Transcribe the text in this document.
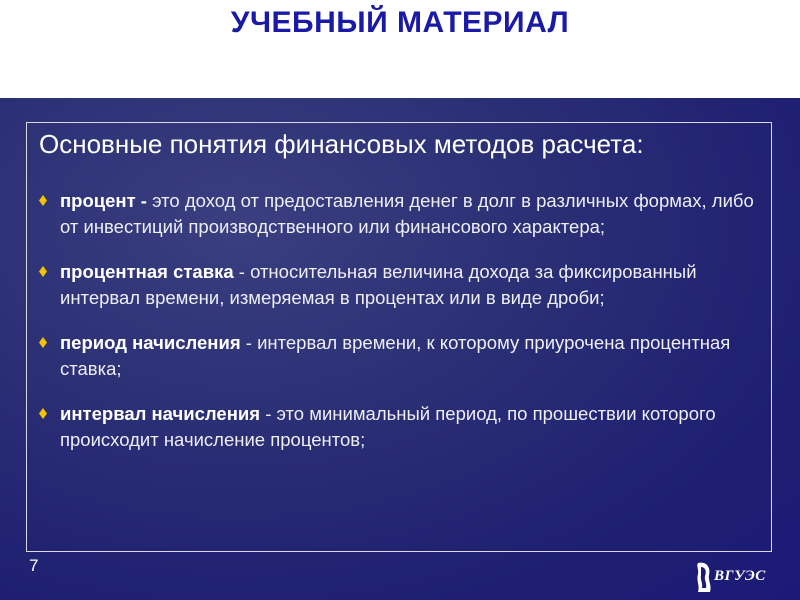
УЧЕБНЫЙ МАТЕРИАЛ
Основные понятия финансовых методов расчета:
процент - это доход от предоставления денег в долг в различных формах, либо от инвестиций производственного или финансового характера;
процентная ставка - относительная величина дохода за фиксированный интервал времени, измеряемая в процентах или в виде дроби;
период начисления - интервал времени, к которому приурочена процентная ставка;
интервал начисления - это минимальный период, по прошествии которого происходит начисление процентов;
7
ВГУЭС
